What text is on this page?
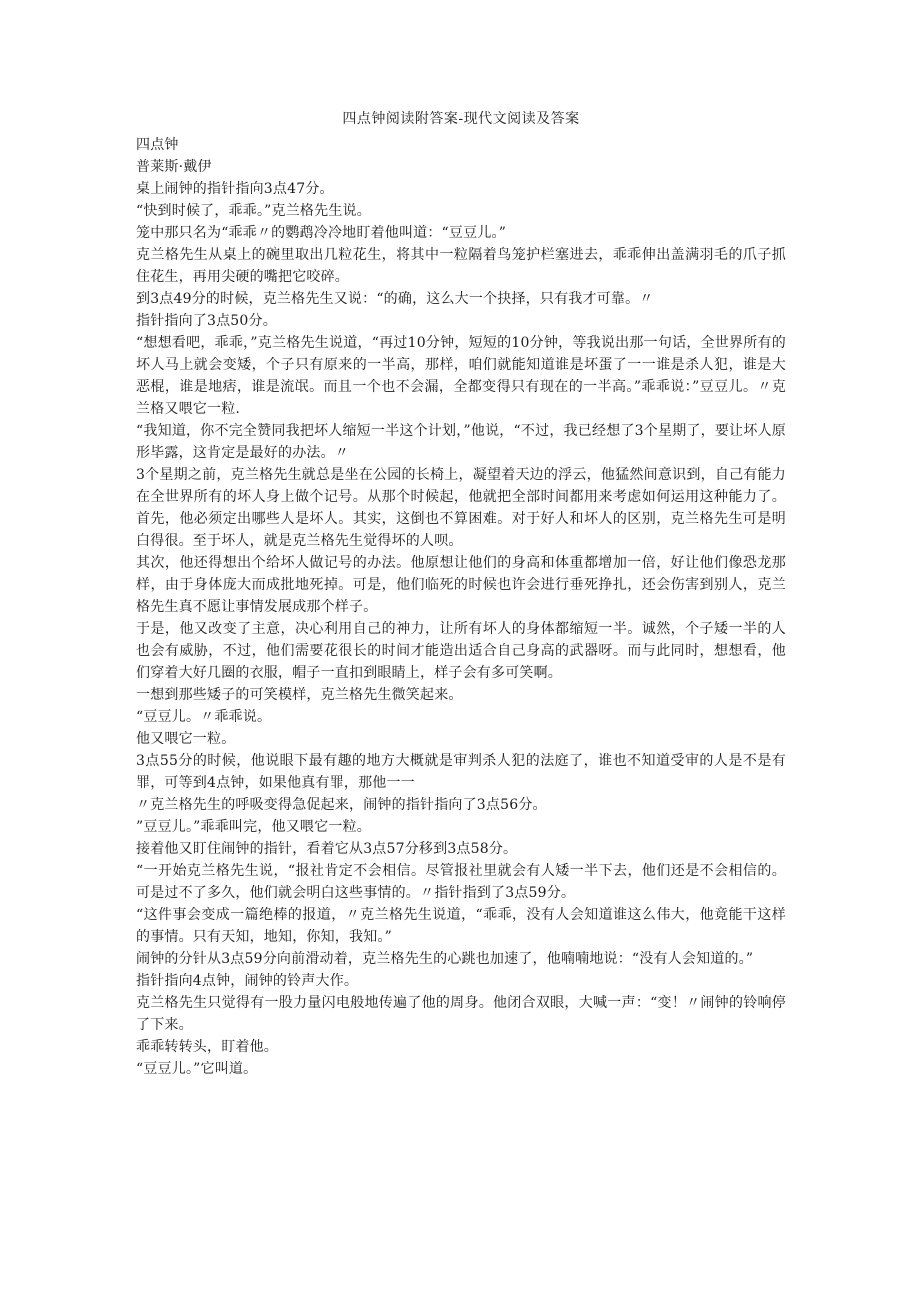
四点钟阅读附答案-现代文阅读及答案
四点钟
普莱斯·戴伊
桌上闹钟的指针指向3点47分。
“快到时候了，乖乖。”克兰格先生说。
笼中那只名为“乖乖〃的鹦鹉冷冷地盯着他叫道：“豆豆儿。”
克兰格先生从桌上的碗里取出几粒花生，将其中一粒隔着鸟笼护栏塞进去，乖乖伸出盖满羽毛的爪子抓住花生，再用尖硬的嘴把它咬碎。
到3点49分的时候，克兰格先生又说：“的确，这么大一个抉择，只有我才可靠。〃
指针指向了3点50分。
“想想看吧，乖乖，”克兰格先生说道，“再过10分钟，短短的10分钟，等我说出那一句话，全世界所有的坏人马上就会变矮，个子只有原来的一半高，那样，咱们就能知道谁是坏蛋了一一谁是杀人犯，谁是大恶棍，谁是地痞，谁是流氓。而且一个也不会漏，全都变得只有现在的一半高。”乖乖说：”豆豆儿。〃克兰格又喂它一粒.
“我知道，你不完全赞同我把坏人缩短一半这个计划，”他说，“不过，我已经想了3个星期了，要让坏人原形毕露，这肯定是最好的办法。〃
3个星期之前，克兰格先生就总是坐在公园的长椅上，凝望着天边的浮云，他猛然间意识到，自己有能力在全世界所有的坏人身上做个记号。从那个时候起，他就把全部时间都用来考虑如何运用这种能力了。首先，他必须定出哪些人是坏人。其实，这倒也不算困难。对于好人和坏人的区别，克兰格先生可是明白得很。至于坏人，就是克兰格先生觉得坏的人呗。
其次，他还得想出个给坏人做记号的办法。他原想让他们的身高和体重都增加一倍，好让他们像恐龙那样，由于身体庞大而成批地死掉。可是，他们临死的时候也许会进行垂死挣扎，还会伤害到别人，克兰格先生真不愿让事情发展成那个样子。
于是，他又改变了主意，决心利用自己的神力，让所有坏人的身体都缩短一半。诚然，个子矮一半的人也会有威胁，不过，他们需要花很长的时间才能造出适合自己身高的武器呀。而与此同时，想想看，他们穿着大好几圈的衣服，帽子一直扣到眼睛上，样子会有多可笑啊。
一想到那些矮子的可笑模样，克兰格先生微笑起来。
“豆豆儿。〃乖乖说。
他又喂它一粒。
3点55分的时候，他说眼下最有趣的地方大概就是审判杀人犯的法庭了，谁也不知道受审的人是不是有罪，可等到4点钟，如果他真有罪，那他一一
〃克兰格先生的呼吸变得急促起来，闹钟的指针指向了3点56分。
”豆豆儿。”乖乖叫完，他又喂它一粒。
接着他又盯住闹钟的指针，看着它从3点57分移到3点58分。
“一开始克兰格先生说，“报社肯定不会相信。尽管报社里就会有人矮一半下去，他们还是不会相信的。可是过不了多久，他们就会明白这些事情的。〃指针指到了3点59分。
“这件事会变成一篇绝棒的报道，〃克兰格先生说道，“乖乖，没有人会知道谁这么伟大，他竟能干这样的事情。只有天知，地知，你知，我知。”
闹钟的分针从3点59分向前滑动着，克兰格先生的心跳也加速了，他喃喃地说：“没有人会知道的。”
指针指向4点钟，闹钟的铃声大作。
克兰格先生只觉得有一股力量闪电般地传遍了他的周身。他闭合双眼，大喊一声：“变！〃闹钟的铃响停了下来。
乖乖转转头，盯着他。
“豆豆儿。”它叫道。
